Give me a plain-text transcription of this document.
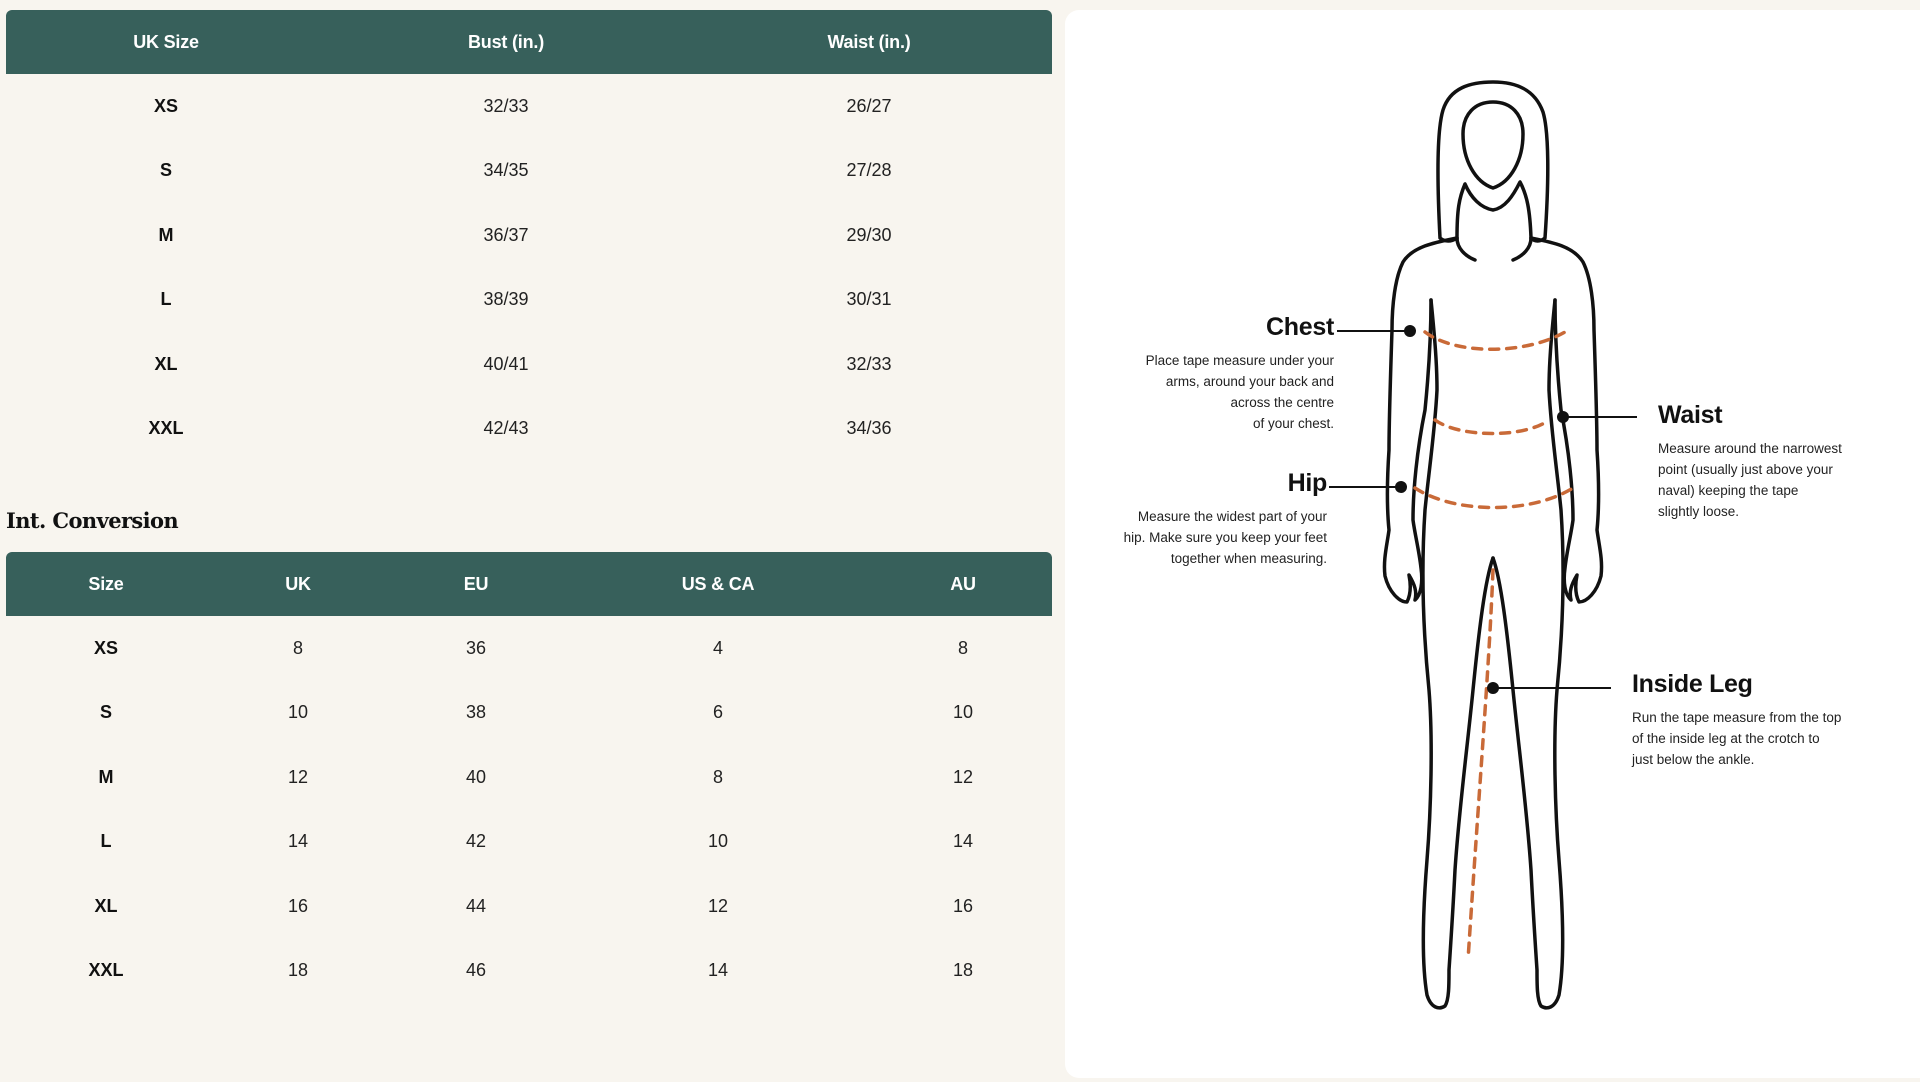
UK Size	Bust (in.)	Waist (in.)
XS	32/33	26/27
S	34/35	27/28
M	36/37	29/30
L	38/39	30/31
XL	40/41	32/33
XXL	42/43	34/36
Int. Conversion
Size	UK	EU	US & CA	AU
XS	8	36	4	8
S	10	38	6	10
M	12	40	8	12
L	14	42	10	14
XL	16	44	12	16
XXL	18	46	14	18
Chest

Place tape measure under your
arms, around your back and
across the centre
of your chest.	Waist

Measure around the narrowest
point (usually just above your
naval) keeping the tape
slightly loose.

Hip

Measure the widest part of your
hip. Make sure you keep your feet
together when measuring.

Inside Leg

Run the tape measure from the top
of the inside leg at the crotch to
just below the ankle.
